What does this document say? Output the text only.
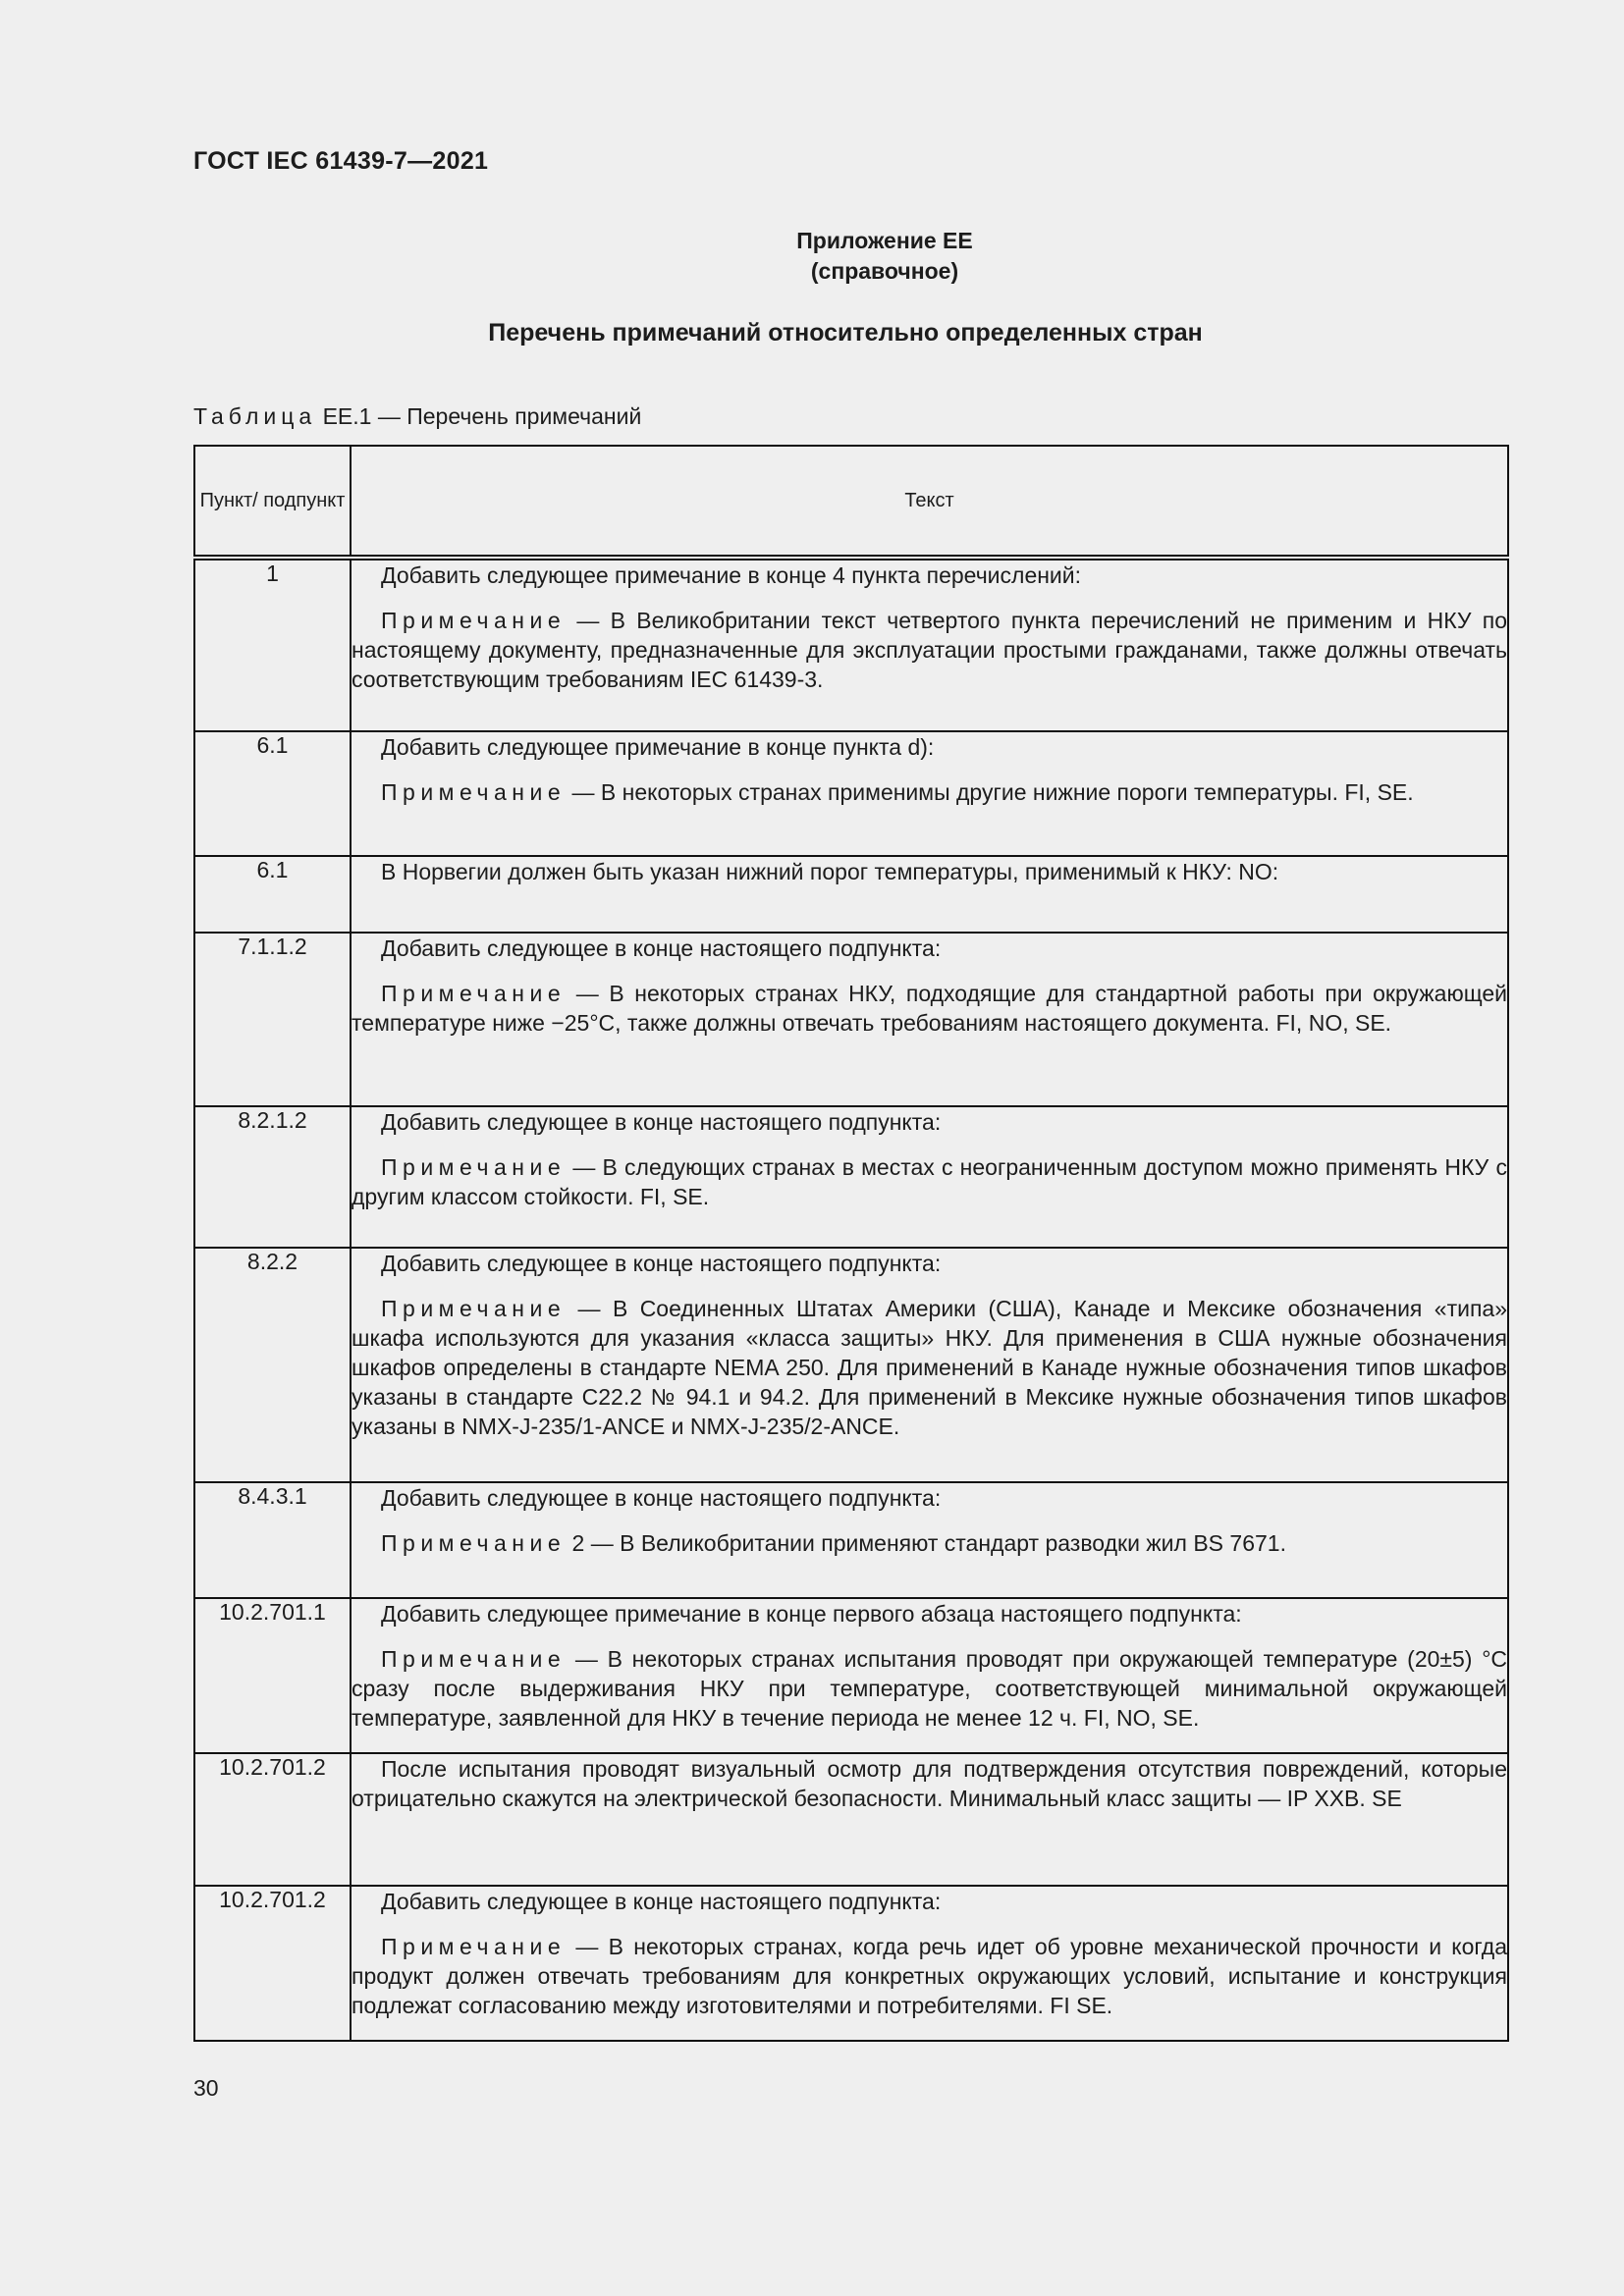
ГОСТ IEC 61439-7—2021
Приложение ЕЕ
(справочное)
Перечень примечаний относительно определенных стран
Таблица ЕЕ.1 — Перечень примечаний
Пункт/ подпункт	Текст
1	Добавить следующее примечание в конце 4 пункта перечислений:

Примечание — В Великобритании текст четвертого пункта перечислений не применим и НКУ по настоящему документу, предназначенные для эксплуатации простыми гражданами, также должны отвечать соответствующим требованиям IEC 61439-3.

6.1	Добавить следующее примечание в конце пункта d):

Примечание — В некоторых странах применимы другие нижние пороги температуры. FI, SE.

6.1	В Норвегии должен быть указан нижний порог температуры, применимый к НКУ: NO:

7.1.1.2	Добавить следующее в конце настоящего подпункта:

Примечание — В некоторых странах НКУ, подходящие для стандартной работы при окружающей температуре ниже −25°C, также должны отвечать требованиям настоящего документа. FI, NO, SE.

8.2.1.2	Добавить следующее в конце настоящего подпункта:

Примечание — В следующих странах в местах с неограниченным доступом можно применять НКУ с другим классом стойкости. FI, SE.

8.2.2	Добавить следующее в конце настоящего подпункта:

Примечание — В Соединенных Штатах Америки (США), Канаде и Мексике обозначения «типа» шкафа используются для указания «класса защиты» НКУ. Для применения в США нужные обозначения шкафов определены в стандарте NEMA 250. Для применений в Канаде нужные обозначения типов шкафов указаны в стандарте C22.2 № 94.1 и 94.2. Для применений в Мексике нужные обозначения типов шкафов указаны в NMX-J-235/1-ANCE и NMX-J-235/2-ANCE.

8.4.3.1	Добавить следующее в конце настоящего подпункта:

Примечание 2 — В Великобритании применяют стандарт разводки жил BS 7671.

10.2.701.1	Добавить следующее примечание в конце первого абзаца настоящего подпункта:

Примечание — В некоторых странах испытания проводят при окружающей температуре (20±5) °С сразу после выдерживания НКУ при температуре, соответствующей минимальной окружающей температуре, заявленной для НКУ в течение периода не менее 12 ч. FI, NO, SE.

10.2.701.2	После испытания проводят визуальный осмотр для подтверждения отсутствия повреждений, которые отрицательно скажутся на электрической безопасности. Минимальный класс защиты — IP XXB. SE

10.2.701.2	Добавить следующее в конце настоящего подпункта:

Примечание — В некоторых странах, когда речь идет об уровне механической прочности и когда продукт должен отвечать требованиям для конкретных окружающих условий, испытание и конструкция подлежат согласованию между изготовителями и потребителями. FI SE.

30
